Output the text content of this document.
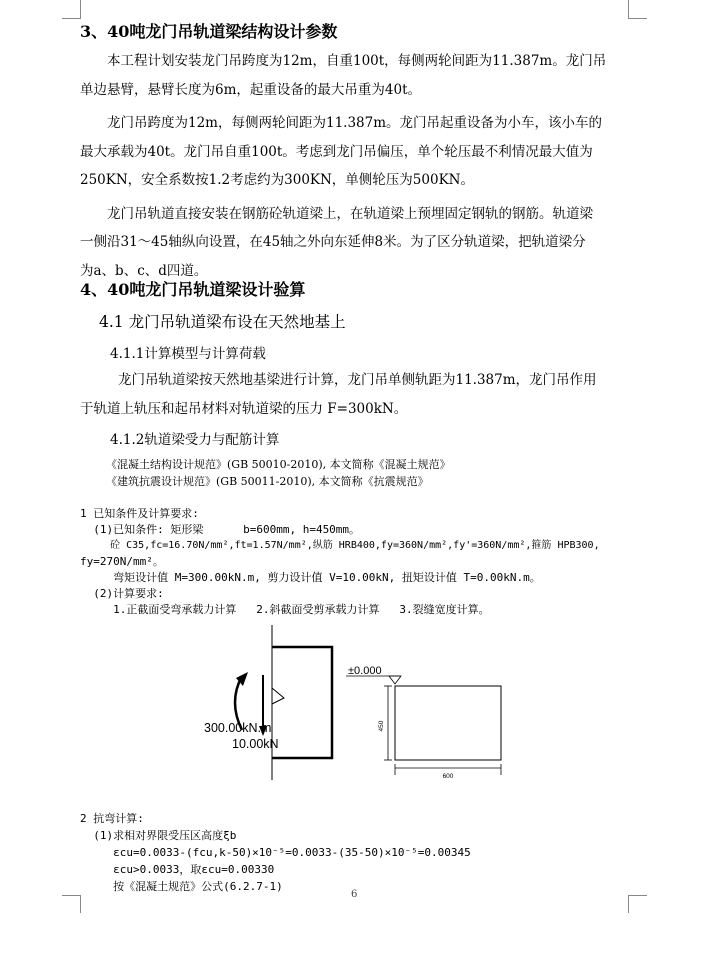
3、40吨龙门吊轨道梁结构设计参数
本工程计划安装龙门吊跨度为12m，自重100t，每侧两轮间距为11.387m。龙门吊
单边悬臂，悬臂长度为6m，起重设备的最大吊重为40t。
龙门吊跨度为12m，每侧两轮间距为11.387m。龙门吊起重设备为小车，该小车的
最大承载为40t。龙门吊自重100t。考虑到龙门吊偏压，单个轮压最不利情况最大值为
250KN，安全系数按1.2考虑约为300KN，单侧轮压为500KN。
龙门吊轨道直接安装在钢筋砼轨道梁上，在轨道梁上预埋固定钢轨的钢筋。轨道梁
一侧沿31～45轴纵向设置，在45轴之外向东延伸8米。为了区分轨道梁，把轨道梁分
为a、b、c、d四道。
4、40吨龙门吊轨道梁设计验算
4.1 龙门吊轨道梁布设在天然地基上
4.1.1计算模型与计算荷载
龙门吊轨道梁按天然地基梁进行计算，龙门吊单侧轨距为11.387m，龙门吊作用
于轨道上轨压和起吊材料对轨道梁的压力 F=300kN。
4.1.2轨道梁受力与配筋计算
《混凝土结构设计规范》(GB 50010-2010), 本文简称《混凝土规范》
《建筑抗震设计规范》(GB 50011-2010), 本文简称《抗震规范》

1 已知条件及计算要求:
(1)已知条件: 矩形梁      b=600mm, h=450mm。
砼 C35,fc=16.70N/mm²,ft=1.57N/mm²,纵筋 HRB400,fy=360N/mm²,fy'=360N/mm²,箍筋 HPB300,
fy=270N/mm²。
弯矩设计值 M=300.00kN.m, 剪力设计值 V=10.00kN, 扭矩设计值 T=0.00kN.m。
(2)计算要求:
1.正截面受弯承载力计算   2.斜截面受剪承载力计算   3.裂缝宽度计算。

300.00kN.m
10.00kN
±0.000
450
600

2 抗弯计算:
(1)求相对界限受压区高度ξb
εcu=0.0033-(fcu,k-50)×10⁻⁵=0.0033-(35-50)×10⁻⁵=0.00345
εcu>0.0033，取εcu=0.00330
按《混凝土规范》公式(6.2.7-1)

6
